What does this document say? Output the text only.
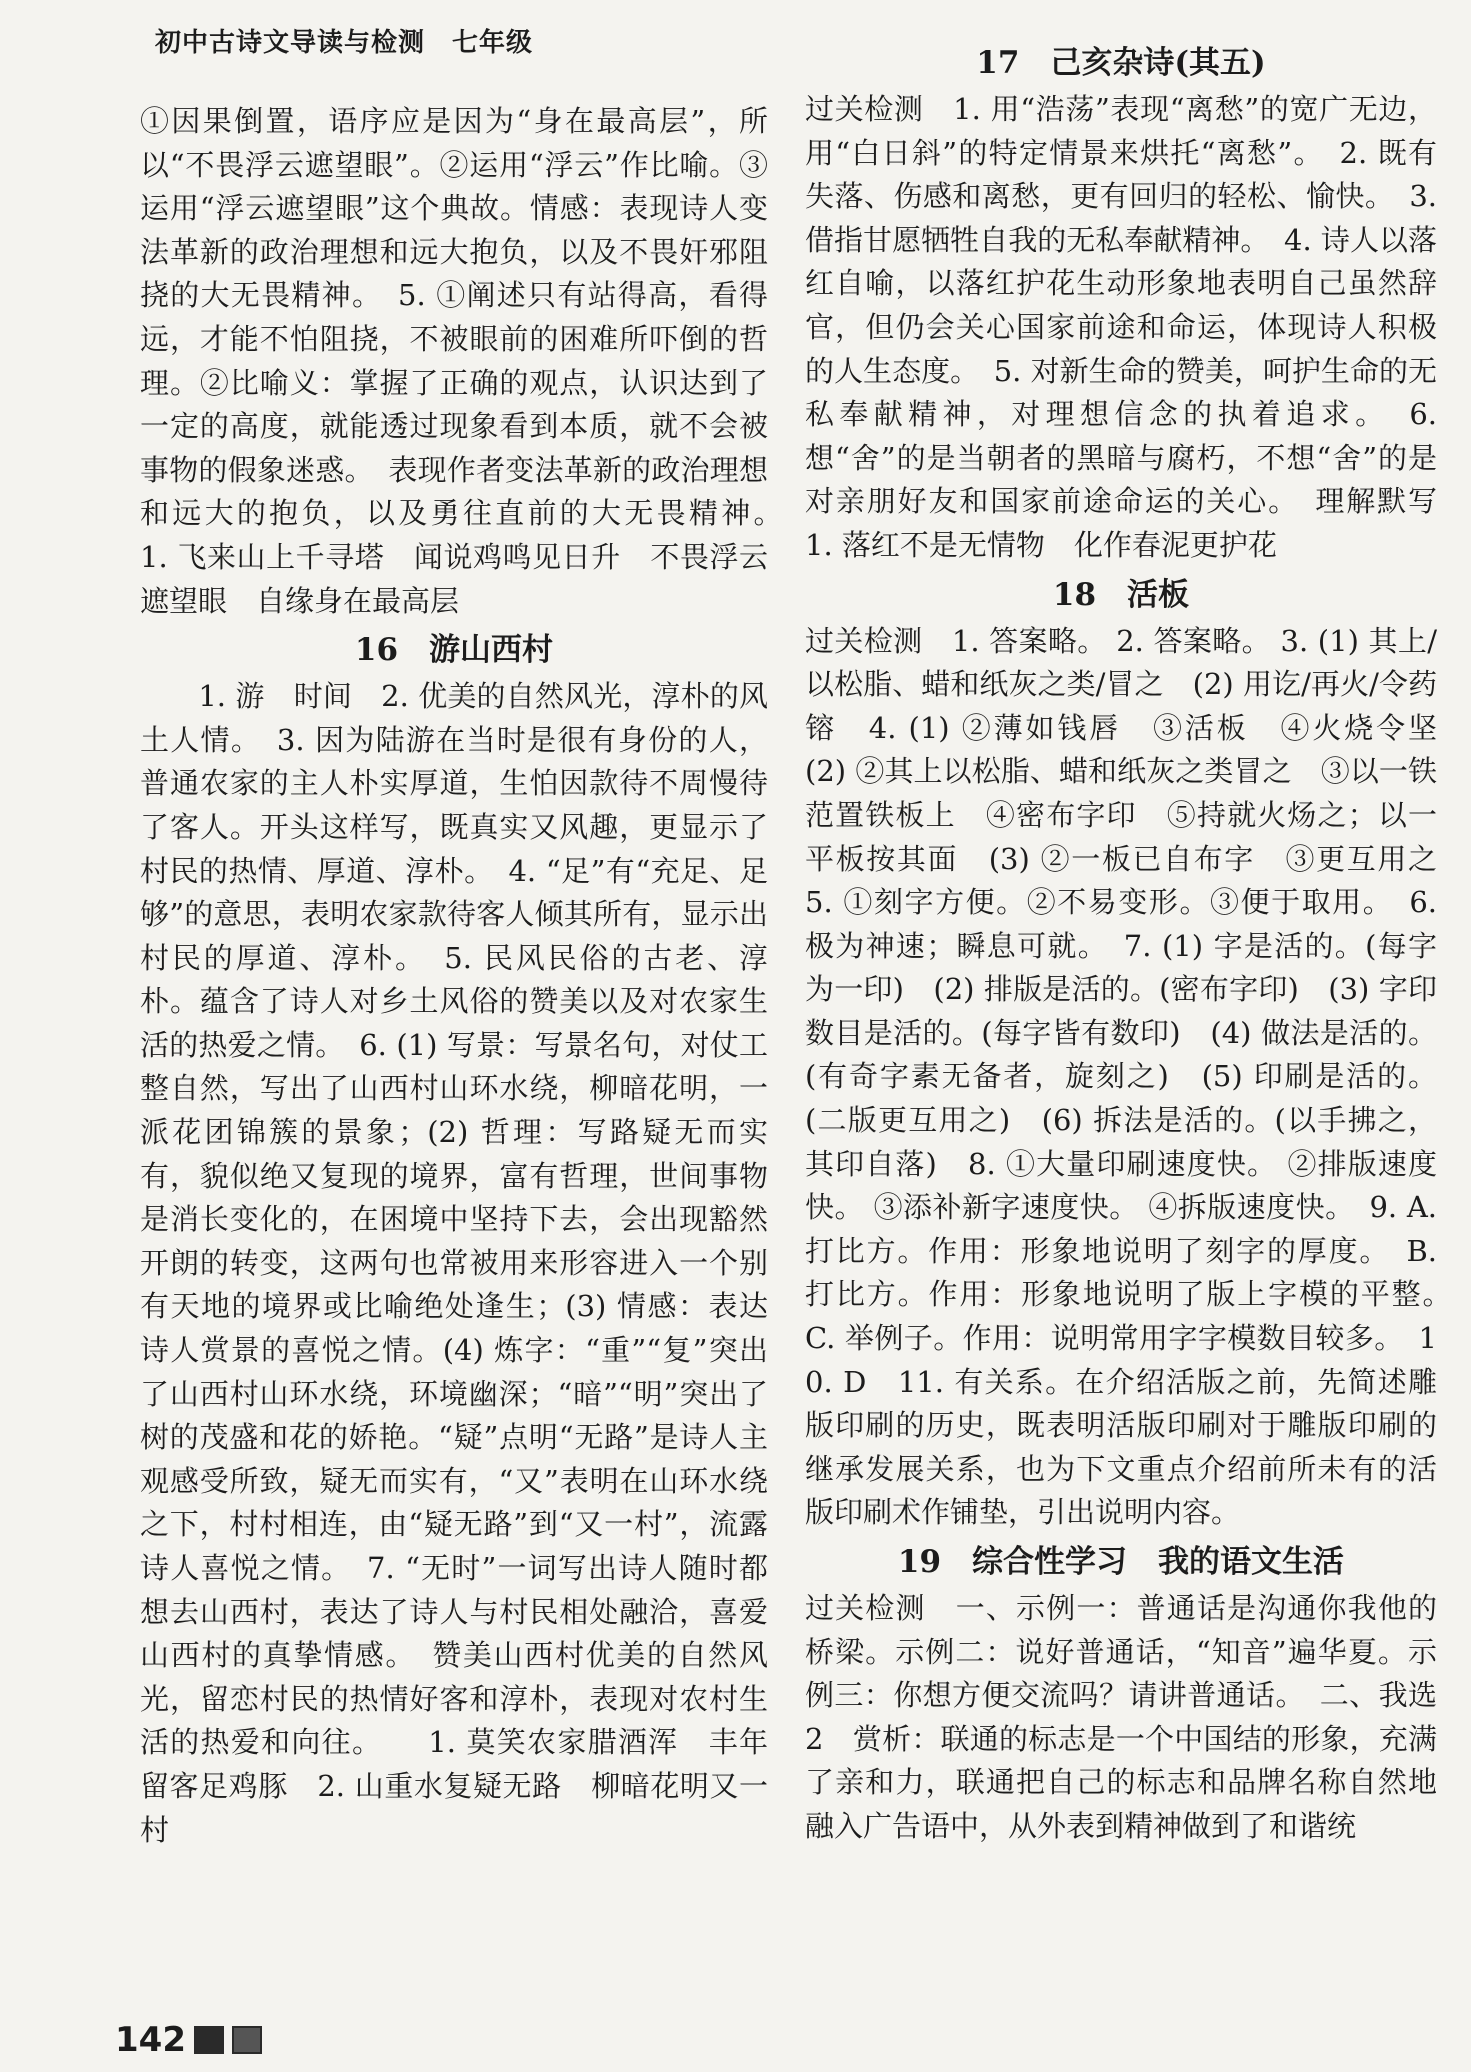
初中古诗文导读与检测　七年级

①因果倒置，语序应是因为“身在最高层”，所以“不畏浮云遮望眼”。②运用“浮云”作比喻。③运用“浮云遮望眼”这个典故。情感：表现诗人变法革新的政治理想和远大抱负，以及不畏奸邪阻挠的大无畏精神。　5. ①阐述只有站得高，看得远，才能不怕阻挠，不被眼前的困难所吓倒的哲理。②比喻义：掌握了正确的观点，认识达到了一定的高度，就能透过现象看到本质，就不会被事物的假象迷惑。　表现作者变法革新的政治理想和远大的抱负，以及勇往直前的大无畏精神。　　1. 飞来山上千寻塔　闻说鸡鸣见日升　不畏浮云遮望眼　自缘身在最高层

16　游山西村

　　1. 游　时间　2. 优美的自然风光，淳朴的风土人情。　3. 因为陆游在当时是很有身份的人，普通农家的主人朴实厚道，生怕因款待不周慢待了客人。开头这样写，既真实又风趣，更显示了村民的热情、厚道、淳朴。　4. “足”有“充足、足够”的意思，表明农家款待客人倾其所有，显示出村民的厚道、淳朴。　5. 民风民俗的古老、淳朴。蕴含了诗人对乡土风俗的赞美以及对农家生活的热爱之情。　6. (1) 写景：写景名句，对仗工整自然，写出了山西村山环水绕，柳暗花明，一派花团锦簇的景象；(2) 哲理：写路疑无而实有，貌似绝又复现的境界，富有哲理，世间事物是消长变化的，在困境中坚持下去，会出现豁然开朗的转变，这两句也常被用来形容进入一个别有天地的境界或比喻绝处逢生；(3) 情感：表达诗人赏景的喜悦之情。(4) 炼字：“重”“复”突出了山西村山环水绕，环境幽深；“暗”“明”突出了树的茂盛和花的娇艳。“疑”点明“无路”是诗人主观感受所致，疑无而实有，“又”表明在山环水绕之下，村村相连，由“疑无路”到“又一村”，流露诗人喜悦之情。　7. “无时”一词写出诗人随时都想去山西村，表达了诗人与村民相处融洽，喜爱山西村的真挚情感。　赞美山西村优美的自然风光，留恋村民的热情好客和淳朴，表现对农村生活的热爱和向往。　　1. 莫笑农家腊酒浑　丰年留客足鸡豚　2. 山重水复疑无路　柳暗花明又一村

17　己亥杂诗(其五)

过关检测　1. 用“浩荡”表现“离愁”的宽广无边，用“白日斜”的特定情景来烘托“离愁”。　2. 既有失落、伤感和离愁，更有回归的轻松、愉快。　3. 借指甘愿牺牲自我的无私奉献精神。　4. 诗人以落红自喻，以落红护花生动形象地表明自己虽然辞官，但仍会关心国家前途和命运，体现诗人积极的人生态度。　5. 对新生命的赞美，呵护生命的无私奉献精神，对理想信念的执着追求。　6. 想“舍”的是当朝者的黑暗与腐朽，不想“舍”的是对亲朋好友和国家前途命运的关心。　理解默写　1. 落红不是无情物　化作春泥更护花

18　活板

过关检测　1. 答案略。 2. 答案略。 3. (1) 其上/以松脂、蜡和纸灰之类/冒之　(2) 用讫/再火/令药镕　4. (1) ②薄如钱唇　③活板　④火烧令坚　(2) ②其上以松脂、蜡和纸灰之类冒之　③以一铁范置铁板上　④密布字印　⑤持就火炀之；以一平板按其面　(3) ②一板已自布字　③更互用之　5. ①刻字方便。②不易变形。③便于取用。　6. 极为神速；瞬息可就。　7. (1) 字是活的。(每字为一印)　(2) 排版是活的。(密布字印)　(3) 字印数目是活的。(每字皆有数印)　(4) 做法是活的。(有奇字素无备者，旋刻之)　(5) 印刷是活的。(二版更互用之)　(6) 拆法是活的。(以手拂之，其印自落)　8. ①大量印刷速度快。 ②排版速度快。 ③添补新字速度快。 ④拆版速度快。　9. A. 打比方。作用：形象地说明了刻字的厚度。　B. 打比方。作用：形象地说明了版上字模的平整。　C. 举例子。作用：说明常用字字模数目较多。　10. D　11. 有关系。在介绍活版之前，先简述雕版印刷的历史，既表明活版印刷对于雕版印刷的继承发展关系，也为下文重点介绍前所未有的活版印刷术作铺垫，引出说明内容。

19　综合性学习　我的语文生活

过关检测　一、示例一：普通话是沟通你我他的桥梁。示例二：说好普通话，“知音”遍华夏。示例三：你想方便交流吗？请讲普通话。　二、我选 2　赏析：联通的标志是一个中国结的形象，充满了亲和力，联通把自己的标志和品牌名称自然地融入广告语中，从外表到精神做到了和谐统

142
